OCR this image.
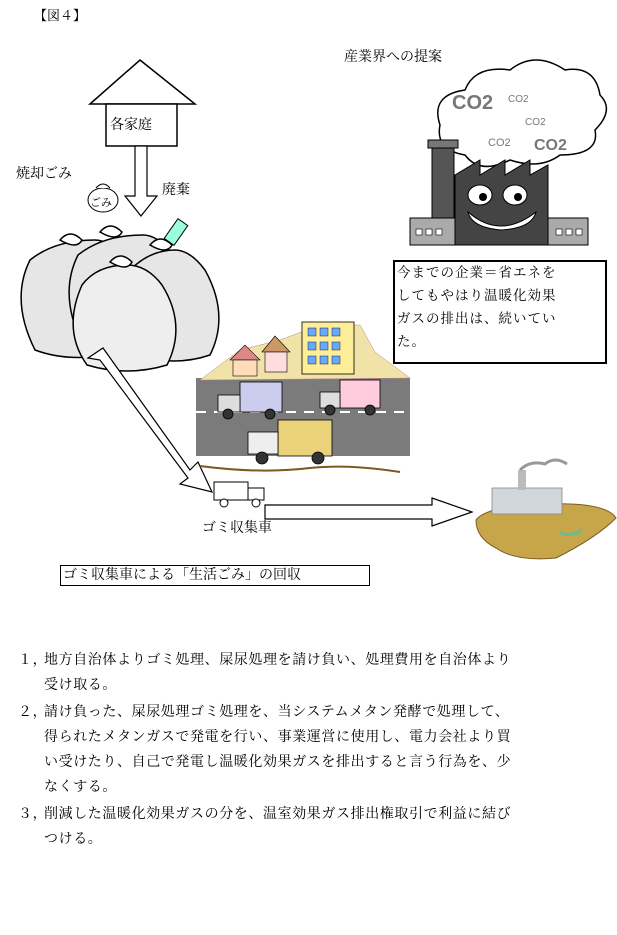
【図４】
各家庭
焼却ごみ
ごみ
廃棄
産業界への提案
CO2 CO2
CO2
CO2 CO2
今までの企業＝省エネを
してもやはり温暖化効果
ガスの排出は、続いてい
た。
ゴミ収集車
ゴミ収集車による「生活ごみ」の回収
１，
地方自治体よりゴミ処理、屎尿処理を請け負い、処理費用を自治体より
受け取る。
２，
請け負った、屎尿処理ゴミ処理を、当システムメタン発酵で処理して、
得られたメタンガスで発電を行い、事業運営に使用し、電力会社より買
い受けたり、自己で発電し温暖化効果ガスを排出すると言う行為を、少
なくする。
３，
削減した温暖化効果ガスの分を、温室効果ガス排出権取引で利益に結び
つける。
